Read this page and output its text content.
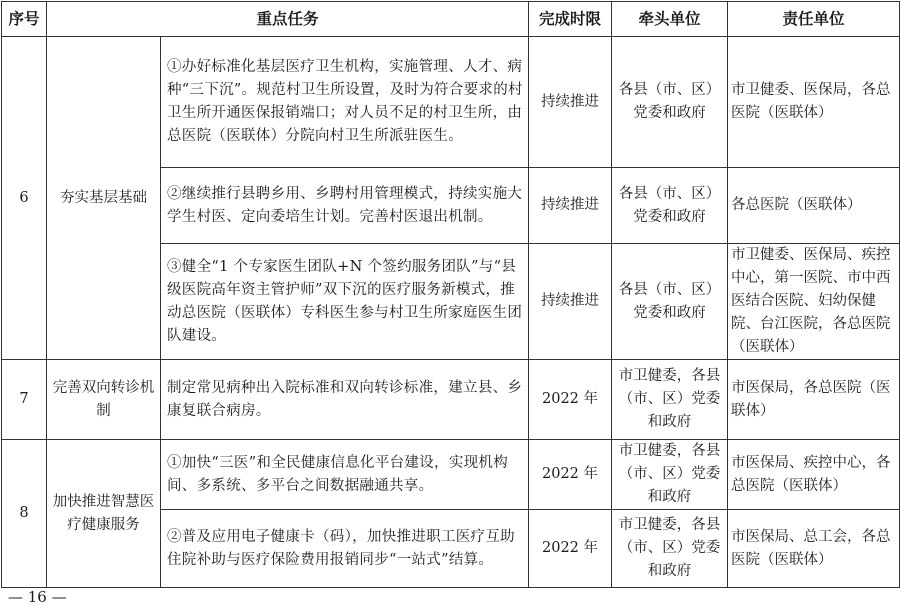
序号	重点任务		完成时限	牵头单位	责任单位
6	夯实基层基础	①办好标准化基层医疗卫生机构，实施管理、人才、病种“三下沉”。规范村卫生所设置，及时为符合要求的村卫生所开通医保报销端口；对人员不足的村卫生所，由总医院（医联体）分院向村卫生所派驻医生。	持续推进	各县（市、区）党委和政府	市卫健委、医保局，各总医院（医联体）
		②继续推行县聘乡用、乡聘村用管理模式，持续实施大学生村医、定向委培生计划。完善村医退出机制。	持续推进	各县（市、区）党委和政府	各总医院（医联体）
		③健全“1 个专家医生团队+N 个签约服务团队”与“县级医院高年资主管护师”双下沉的医疗服务新模式，推动总医院（医联体）专科医生参与村卫生所家庭医生团队建设。	持续推进	各县（市、区）党委和政府	市卫健委、医保局、疾控中心，第一医院、市中西医结合医院、妇幼保健院、台江医院，各总医院（医联体）
7	完善双向转诊机制	制定常见病种出入院标准和双向转诊标准，建立县、乡康复联合病房。	2022 年	市卫健委，各县（市、区）党委和政府	市医保局，各总医院（医联体）
8	加快推进智慧医疗健康服务	①加快“三医”和全民健康信息化平台建设，实现机构间、多系统、多平台之间数据融通共享。	2022 年	市卫健委，各县（市、区）党委和政府	市医保局、疾控中心，各总医院（医联体）
		②普及应用电子健康卡（码），加快推进职工医疗互助住院补助与医疗保险费用报销同步“一站式”结算。	2022 年	市卫健委，各县（市、区）党委和政府	市医保局、总工会，各总医院（医联体）
— 16 —
